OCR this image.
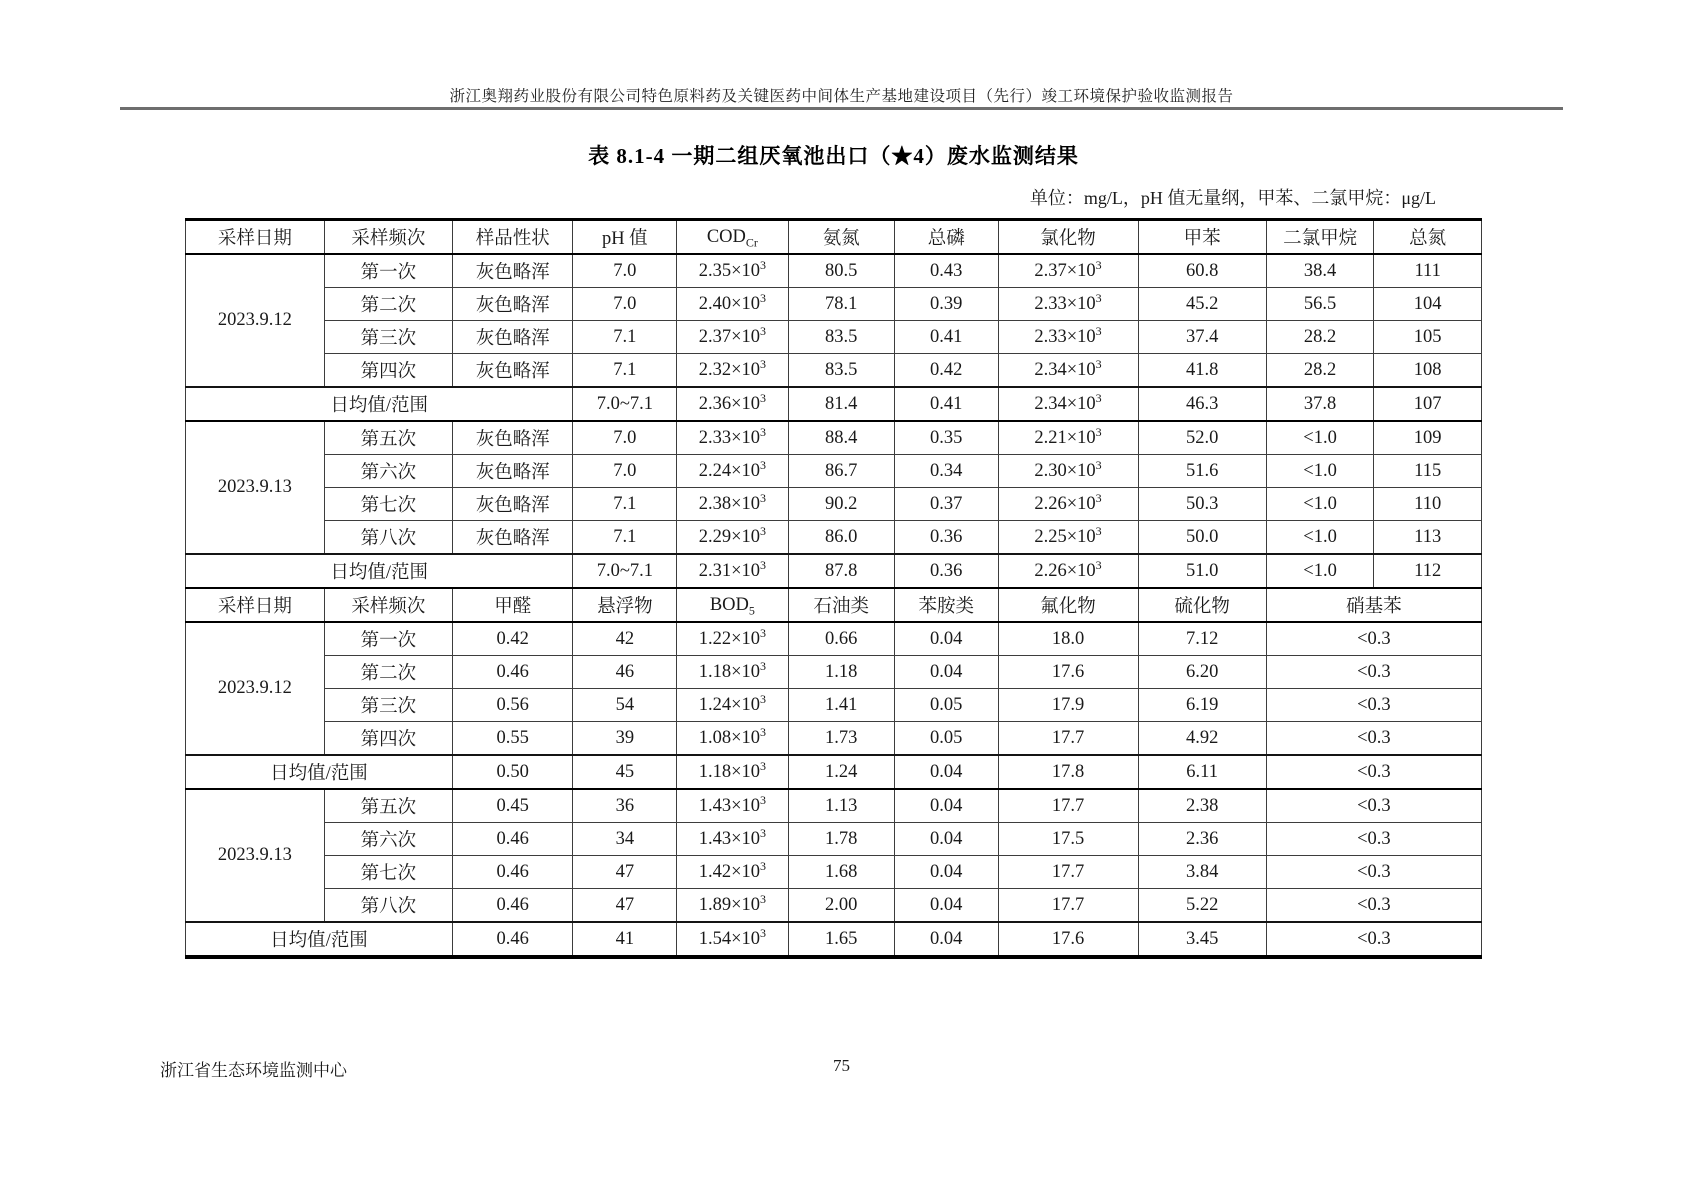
浙江奥翔药业股份有限公司特色原料药及关键医药中间体生产基地建设项目（先行）竣工环境保护验收监测报告
表 8.1-4 一期二组厌氧池出口（★4）废水监测结果
单位：mg/L，pH 值无量纲，甲苯、二氯甲烷：μg/L
采样日期	采样频次	样品性状	pH 值	$COD_{Cr}$	氨氮	总磷	氯化物	甲苯	二氯甲烷	总氮
2023.9.12	第一次	灰色略浑	7.0	$2.35\times 10^3$	80.5	0.43	$2.37\times 10^3$	60.8	38.4	111
	第二次	灰色略浑	7.0	$2.40\times 10^3$	78.1	0.39	$2.33\times 10^3$	45.2	56.5	104
	第三次	灰色略浑	7.1	$2.37\times 10^3$	83.5	0.41	$2.33\times 10^3$	37.4	28.2	105
	第四次	灰色略浑	7.1	$2.32\times 10^3$	83.5	0.42	$2.34\times 10^3$	41.8	28.2	108
日均值/范围			7.0~7.1	$2.36\times 10^3$	81.4	0.41	$2.34\times 10^3$	46.3	37.8	107
2023.9.13	第五次	灰色略浑	7.0	$2.33\times 10^3$	88.4	0.35	$2.21\times 10^3$	52.0	<1.0	109
	第六次	灰色略浑	7.0	$2.24\times 10^3$	86.7	0.34	$2.30\times 10^3$	51.6	<1.0	115
	第七次	灰色略浑	7.1	$2.38\times 10^3$	90.2	0.37	$2.26\times 10^3$	50.3	<1.0	110
	第八次	灰色略浑	7.1	$2.29\times 10^3$	86.0	0.36	$2.25\times 10^3$	50.0	<1.0	113
日均值/范围			7.0~7.1	$2.31\times 10^3$	87.8	0.36	$2.26\times 10^3$	51.0	<1.0	112
采样日期	采样频次	甲醛	悬浮物	$BOD_5$	石油类	苯胺类	氟化物	硫化物	硝基苯	
2023.9.12	第一次	0.42	42	$1.22\times 10^3$	0.66	0.04	18.0	7.12	<0.3	
	第二次	0.46	46	$1.18\times 10^3$	1.18	0.04	17.6	6.20	<0.3	
	第三次	0.56	54	$1.24\times 10^3$	1.41	0.05	17.9	6.19	<0.3	
	第四次	0.55	39	$1.08\times 10^3$	1.73	0.05	17.7	4.92	<0.3	
日均值/范围		0.50	45	$1.18\times 10^3$	1.24	0.04	17.8	6.11	<0.3	
2023.9.13	第五次	0.45	36	$1.43\times 10^3$	1.13	0.04	17.7	2.38	<0.3	
	第六次	0.46	34	$1.43\times 10^3$	1.78	0.04	17.5	2.36	<0.3	
	第七次	0.46	47	$1.42\times 10^3$	1.68	0.04	17.7	3.84	<0.3	
	第八次	0.46	47	$1.89\times 10^3$	2.00	0.04	17.7	5.22	<0.3	
日均值/范围		0.46	41	$1.54\times 10^3$	1.65	0.04	17.6	3.45	<0.3	
浙江省生态环境监测中心	75
